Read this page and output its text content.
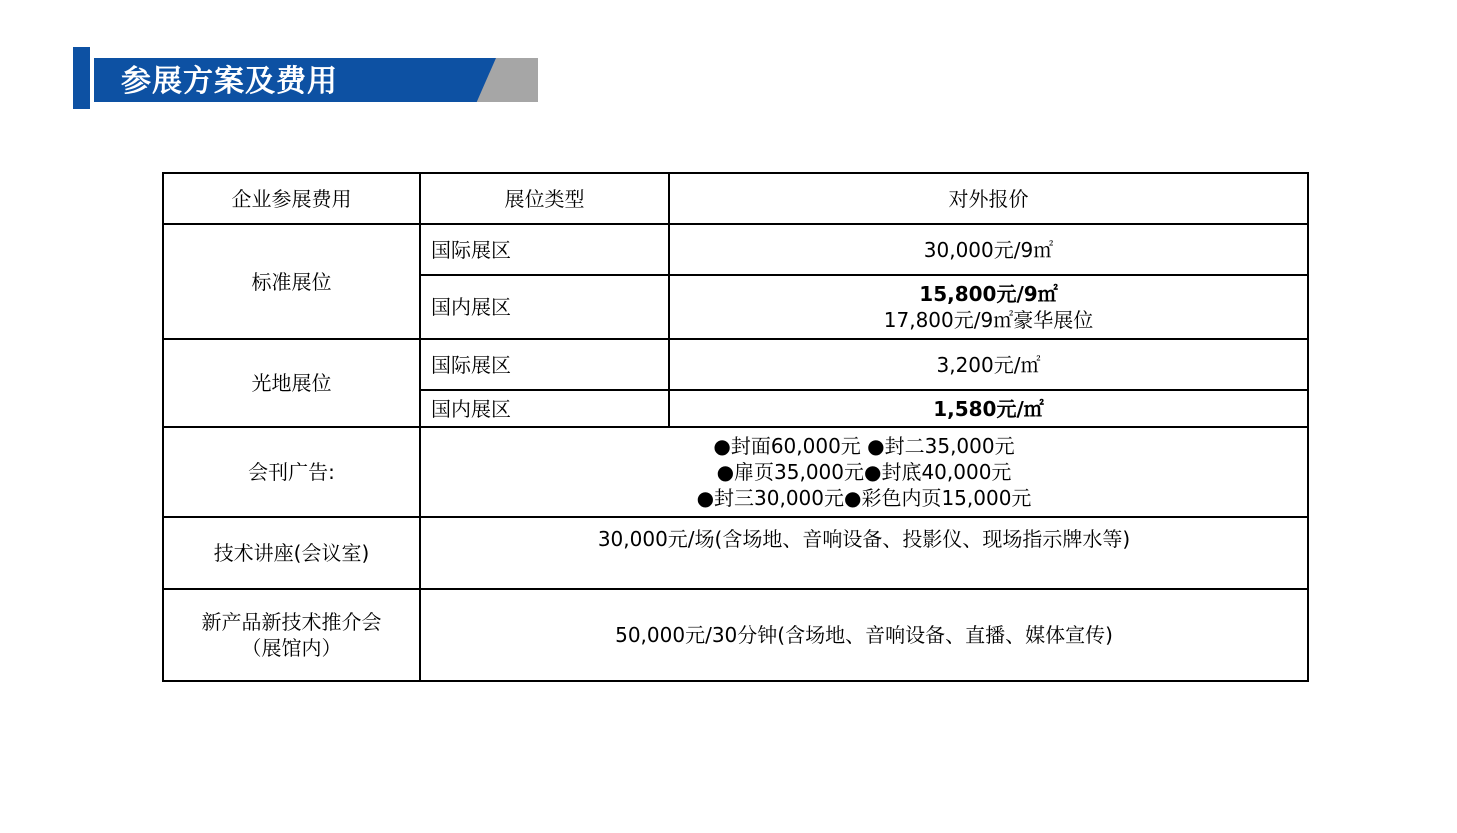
参展方案及费用
企业参展费用	展位类型	对外报价
标准展位	国际展区	30,000元/9㎡
	国内展区	15,800元/9㎡
17,800元/9㎡豪华展位

光地展位	国际展区	3,200元/㎡
	国内展区	1,580元/㎡
会刊广告:	●封面60,000元 ●封二35,000元
●扉页35,000元●封底40,000元
●封三30,000元●彩色内页15,000元	

技术讲座(会议室)	30,000元/场(含场地、音响设备、投影仪、现场指示牌水等)	

新产品新技术推介会
（展馆内）	50,000元/30分钟(含场地、音响设备、直播、媒体宣传)	
